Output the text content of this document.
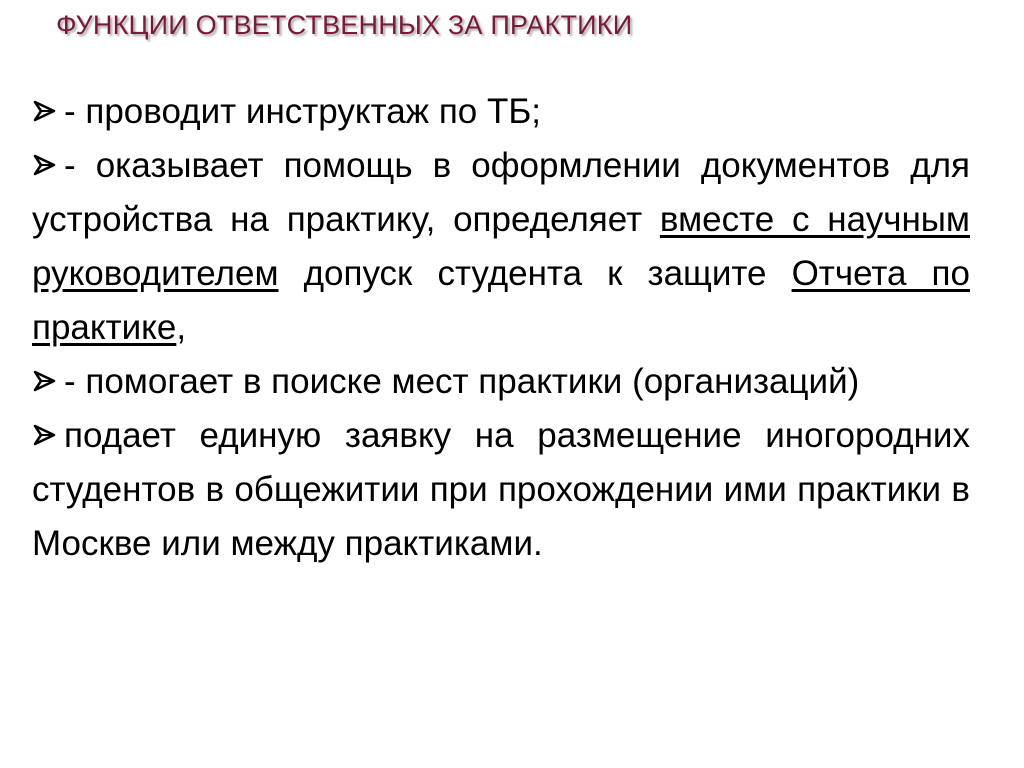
ФУНКЦИИ ОТВЕТСТВЕННЫХ ЗА ПРАКТИКИ

- проводит инструктаж по ТБ;

- оказывает помощь в оформлении документов для устройства на практику, определяет вместе с научным руководителем допуск студента к защите Отчета по практике,

- помогает в поиске мест практики (организаций)

подает единую заявку на размещение иногородних студентов в общежитии при прохождении ими практики в Москве или между практиками.
